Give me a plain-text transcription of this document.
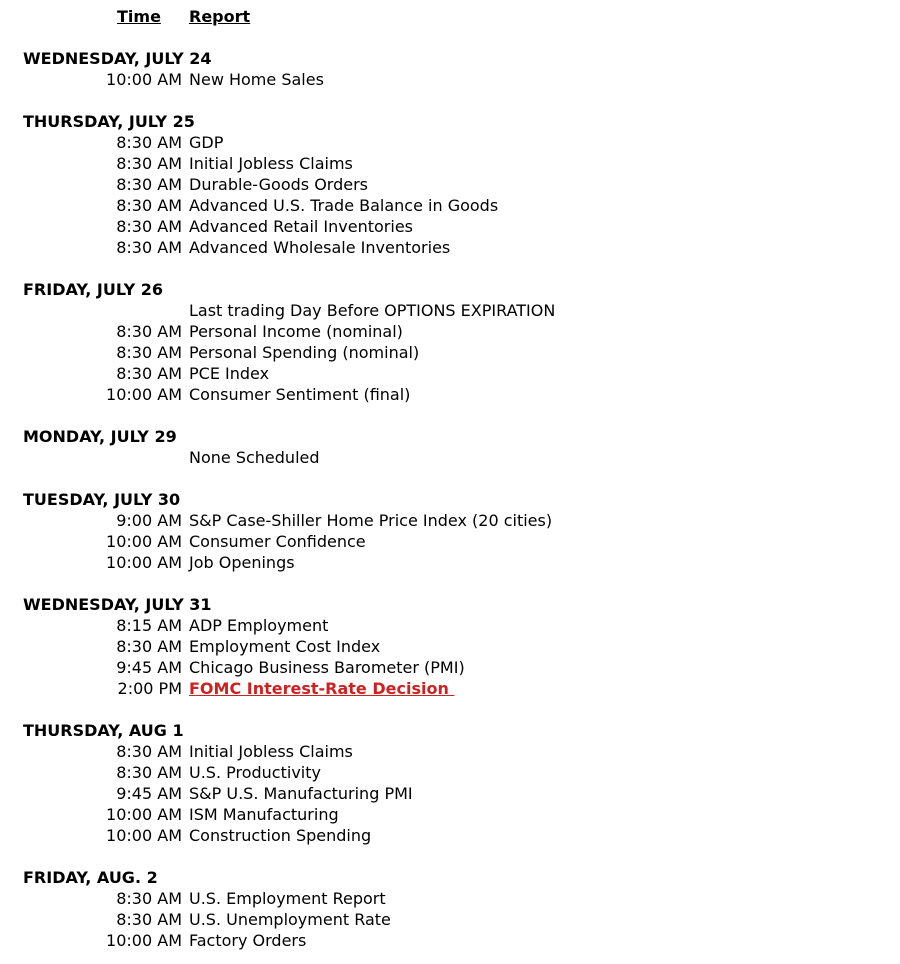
Time	Report
WEDNESDAY, JULY 24
10:00 AM New Home Sales
THURSDAY, JULY 25
8:30 AM GDP
8:30 AM Initial Jobless Claims
8:30 AM Durable-Goods Orders
8:30 AM Advanced U.S. Trade Balance in Goods
8:30 AM Advanced Retail Inventories
8:30 AM Advanced Wholesale Inventories
FRIDAY, JULY 26
Last trading Day Before OPTIONS EXPIRATION
8:30 AM Personal Income (nominal)
8:30 AM Personal Spending (nominal)
8:30 AM PCE Index
10:00 AM Consumer Sentiment (final)
MONDAY, JULY 29
None Scheduled
TUESDAY, JULY 30
9:00 AM S&P Case-Shiller Home Price Index (20 cities)
10:00 AM Consumer Confidence
10:00 AM Job Openings
WEDNESDAY, JULY 31
8:15 AM ADP Employment
8:30 AM Employment Cost Index
9:45 AM Chicago Business Barometer (PMI)
2:00 PM FOMC Interest-Rate Decision
THURSDAY, AUG 1
8:30 AM Initial Jobless Claims
8:30 AM U.S. Productivity
9:45 AM S&P U.S. Manufacturing PMI
10:00 AM ISM Manufacturing
10:00 AM Construction Spending
FRIDAY, AUG. 2
8:30 AM U.S. Employment Report
8:30 AM U.S. Unemployment Rate
10:00 AM Factory Orders
